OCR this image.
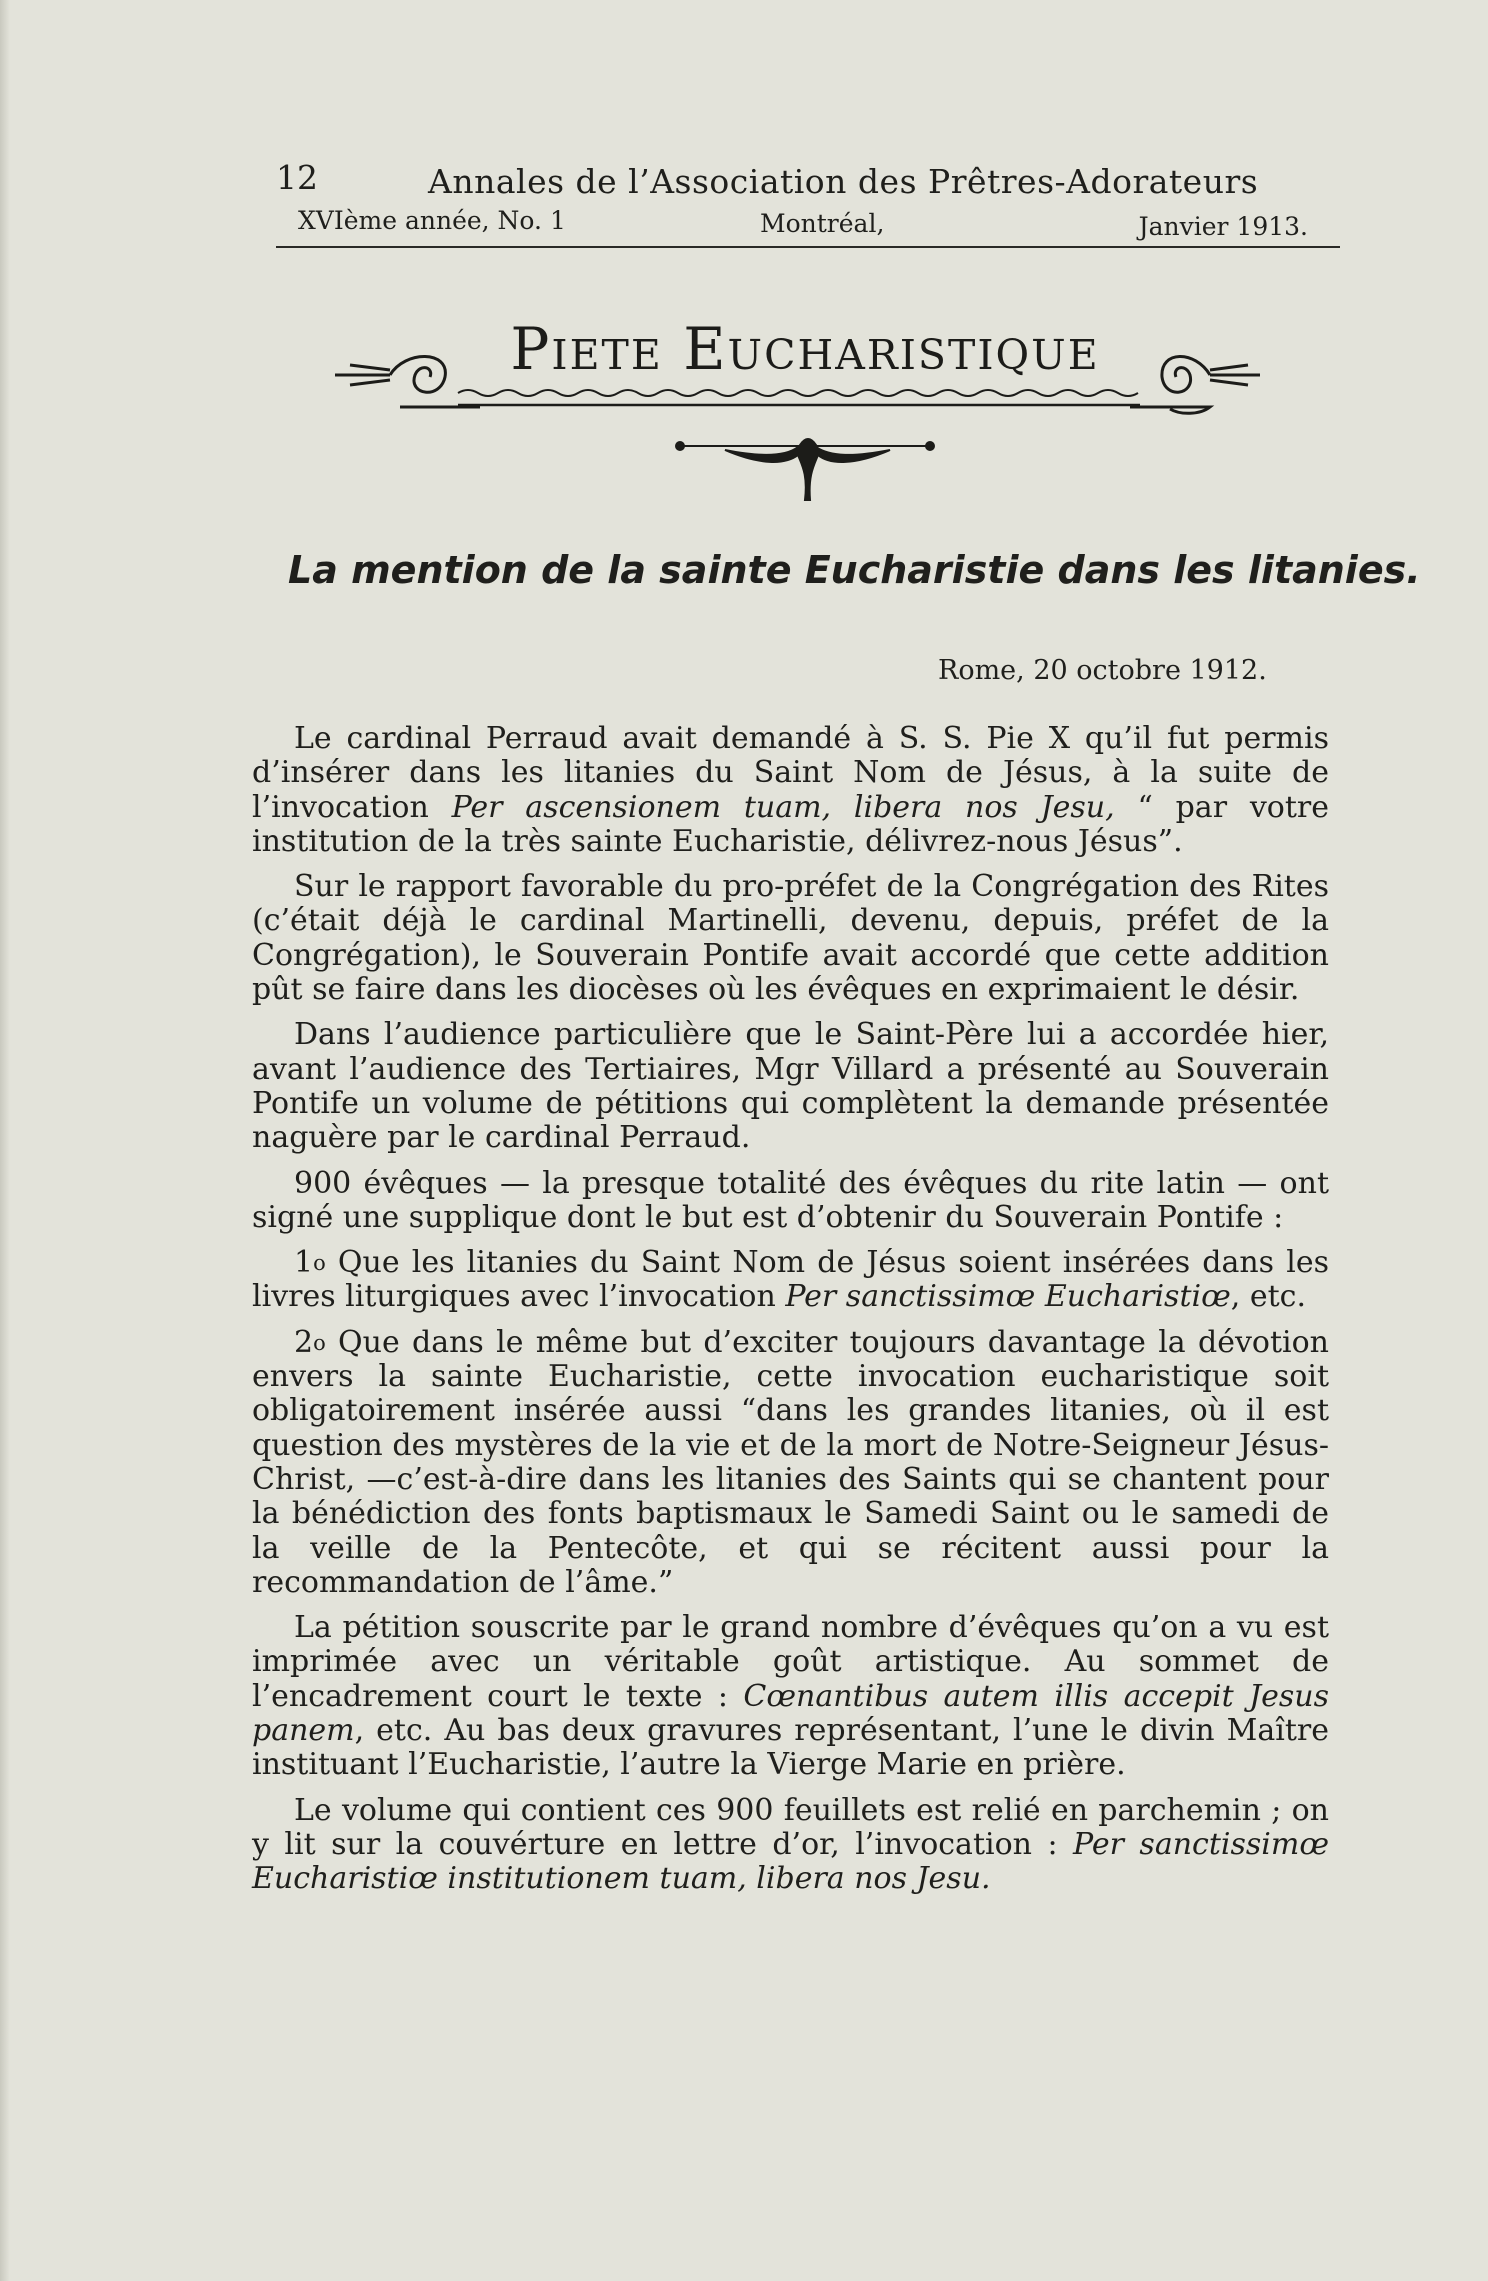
12	Annales de l’Association des Prêtres-Adorateurs
XVIème année, No. 1	Montréal,	Janvier 1913.
Piete Eucharistique
La mention de la sainte Eucharistie dans les litanies.
Rome, 20 octobre 1912.

Le cardinal Perraud avait demandé à S. S. Pie X qu’il fut permis d’insérer dans les litanies du Saint Nom de Jésus, à la suite de l’invocation Per ascensionem tuam, libera nos Jesu, “ par votre institution de la très sainte Eucharistie, délivrez-nous Jésus”.

Sur le rapport favorable du pro-préfet de la Congrégation des Rites (c’était déjà le cardinal Martinelli, devenu, depuis, préfet de la Congrégation), le Souverain Pontife avait accordé que cette addition pût se faire dans les diocèses où les évêques en exprimaient le désir.

Dans l’audience particulière que le Saint-Père lui a accordée hier, avant l’audience des Tertiaires, Mgr Villard a présenté au Souverain Pontife un volume de pétitions qui complètent la demande présentée naguère par le cardinal Perraud.

900 évêques — la presque totalité des évêques du rite latin — ont signé une supplique dont le but est d’obtenir du Souverain Pontife :

1$^o$ Que les litanies du Saint Nom de Jésus soient insérées dans les livres liturgiques avec l’invocation Per sanctissimœ Eucharistiœ, etc.

2$^o$ Que dans le même but d’exciter toujours davantage la dévotion envers la sainte Eucharistie, cette invocation eucharistique soit obligatoirement insérée aussi “dans les grandes litanies, où il est question des mystères de la vie et de la mort de Notre-Seigneur Jésus-Christ, —c’est-à-dire dans les litanies des Saints qui se chantent pour la bénédiction des fonts baptismaux le Samedi Saint ou le samedi de la veille de la Pentecôte, et qui se récitent aussi pour la recommandation de l’âme.”

La pétition souscrite par le grand nombre d’évêques qu’on a vu est imprimée avec un véritable goût artistique. Au sommet de l’encadrement court le texte : Cœnantibus autem illis accepit Jesus panem, etc. Au bas deux gravures représentant, l’une le divin Maître instituant l’Eucharistie, l’autre la Vierge Marie en prière.

Le volume qui contient ces 900 feuillets est relié en parchemin ; on y lit sur la couvérture en lettre d’or, l’invocation : Per sanctissimœ Eucharistiœ institutionem tuam, libera nos Jesu.
